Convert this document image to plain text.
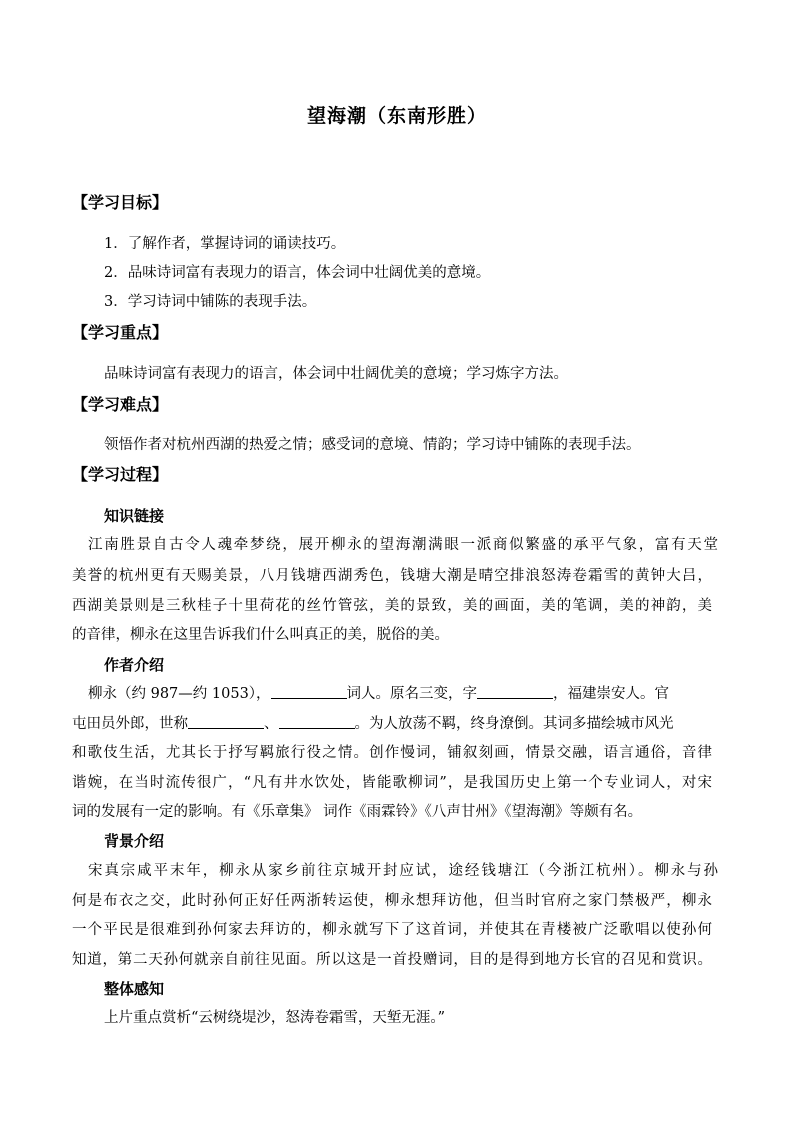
望海潮（东南形胜）
【学习目标】
1．了解作者，掌握诗词的诵读技巧。
2．品味诗词富有表现力的语言，体会词中壮阔优美的意境。
3．学习诗词中铺陈的表现手法。
【学习重点】
品味诗词富有表现力的语言，体会词中壮阔优美的意境；学习炼字方法。
【学习难点】
领悟作者对杭州西湖的热爱之情；感受词的意境、情韵；学习诗中铺陈的表现手法。
【学习过程】
知识链接
江南胜景自古令人魂牵梦绕，展开柳永的望海潮满眼一派商似繁盛的承平气象，富有天堂
美誉的杭州更有天赐美景，八月钱塘西湖秀色，钱塘大潮是晴空排浪怒涛卷霜雪的黄钟大吕，
西湖美景则是三秋桂子十里荷花的丝竹管弦，美的景致，美的画面，美的笔调，美的神韵，美
的音律，柳永在这里告诉我们什么叫真正的美，脱俗的美。
作者介绍
柳永（约 987—约 1053），	词人。原名三变，字	，福建崇安人。官
屯田员外郎，世称	、	。为人放荡不羁，终身潦倒。其词多描绘城市风光
和歌伎生活，尤其长于抒写羁旅行役之情。创作慢词，铺叙刻画，情景交融，语言通俗，音律
谐婉，在当时流传很广，“凡有井水饮处，皆能歌柳词”，是我国历史上第一个专业词人，对宋
词的发展有一定的影响。有《乐章集》 词作《雨霖铃》《八声甘州》《望海潮》等颇有名。
背景介绍
宋真宗咸平末年，柳永从家乡前往京城开封应试，途经钱塘江（今浙江杭州）。柳永与孙
何是布衣之交，此时孙何正好任两浙转运使，柳永想拜访他，但当时官府之家门禁极严，柳永
一个平民是很难到孙何家去拜访的，柳永就写下了这首词，并使其在青楼被广泛歌唱以使孙何
知道，第二天孙何就亲自前往见面。所以这是一首投赠词，目的是得到地方长官的召见和赏识。
整体感知
上片重点赏析“云树绕堤沙，怒涛卷霜雪，天堑无涯。”
